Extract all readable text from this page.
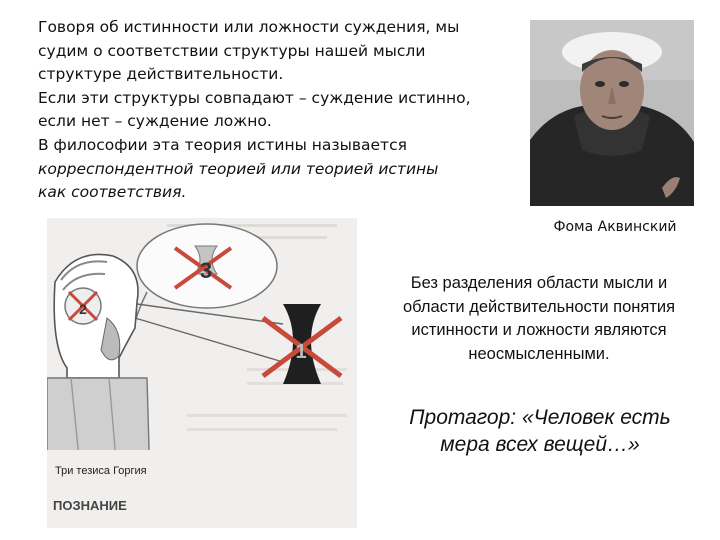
Говоря об истинности или ложности суждения, мы

судим о соответствии структуры нашей мысли

структуре действительности.

Если эти структуры совпадают – суждение истинно,

если нет – суждение ложно.

В философии эта теория истины называется

корреспондентной теорией или теорией истины

как соответствия.

Фома Аквинский
Без разделения области мысли и
области действительности понятия
истинности и ложности являются
неосмысленными.
Протагор: «Человек есть
мера всех вещей…»
3
2
1
Три тезиса Горгия
ПОЗНАНИЕ
